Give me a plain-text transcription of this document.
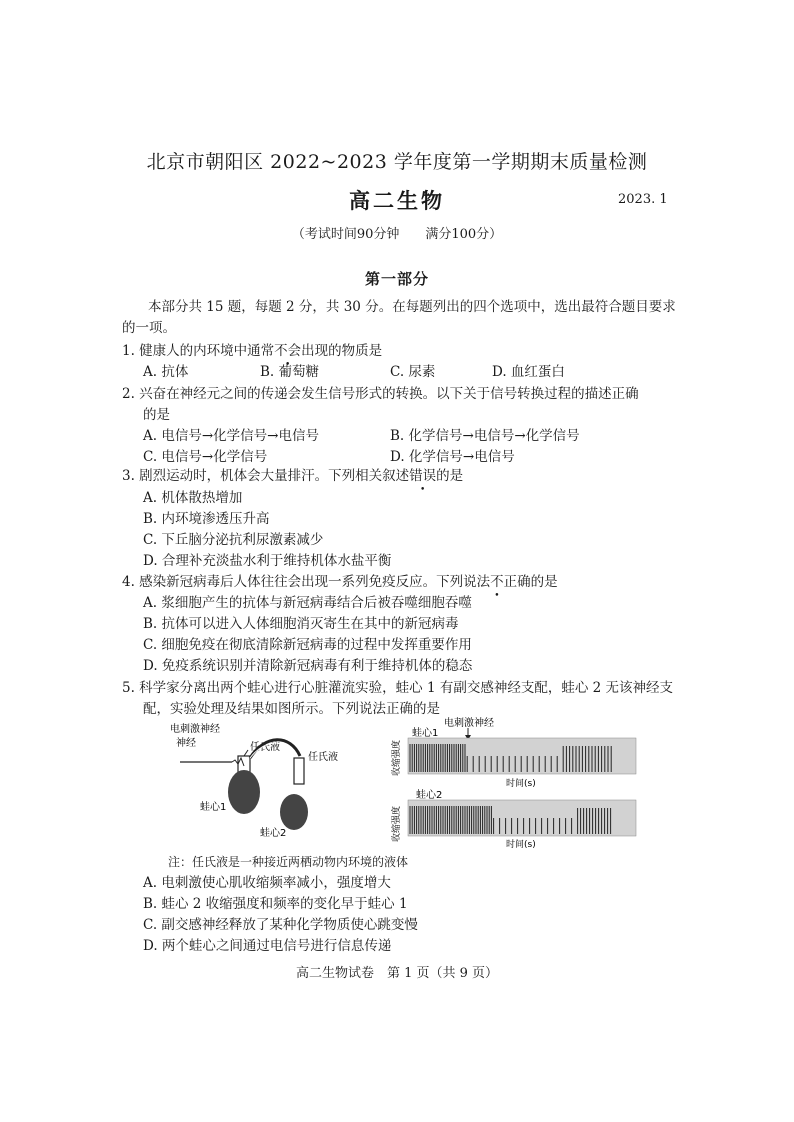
北京市朝阳区 2022~2023 学年度第一学期期末质量检测
高二生物	2023. 1
（考试时间90分钟　　满分100分）
第一部分
本部分共 15 题，每题 2 分，共 30 分。在每题列出的四个选项中，选出最符合题目要求
的一项。
1. 健康人的内环境中通常不会出现的物质是
A. 抗体	B. 葡萄糖	C. 尿素	D. 血红蛋白
2. 兴奋在神经元之间的传递会发生信号形式的转换。以下关于信号转换过程的描述正确
的是
A. 电信号→化学信号→电信号	B. 化学信号→电信号→化学信号
C. 电信号→化学信号	D. 化学信号→电信号
3. 剧烈运动时，机体会大量排汗。下列相关叙述错误的是
A. 机体散热增加
B. 内环境渗透压升高
C. 下丘脑分泌抗利尿激素减少
D. 合理补充淡盐水利于维持机体水盐平衡
4. 感染新冠病毒后人体往往会出现一系列免疫反应。下列说法不正确的是
A. 浆细胞产生的抗体与新冠病毒结合后被吞噬细胞吞噬
B. 抗体可以进入人体细胞消灭寄生在其中的新冠病毒
C. 细胞免疫在彻底清除新冠病毒的过程中发挥重要作用
D. 免疫系统识别并清除新冠病毒有利于维持机体的稳态
5. 科学家分离出两个蛙心进行心脏灌流实验，蛙心 1 有副交感神经支配，蛙心 2 无该神经支
配，实验处理及结果如图所示。下列说法正确的是
电刺激神经
神经	任氏液
任氏液
蛙心1
蛙心2
电刺激神经
收缩强度
蛙心1
时间(s)
收缩强度
蛙心2
时间(s)
注：任氏液是一种接近两栖动物内环境的液体
A. 电刺激使心肌收缩频率减小，强度增大
B. 蛙心 2 收缩强度和频率的变化早于蛙心 1
C. 副交感神经释放了某种化学物质使心跳变慢
D. 两个蛙心之间通过电信号进行信息传递
高二生物试卷　第 1 页（共 9 页）
